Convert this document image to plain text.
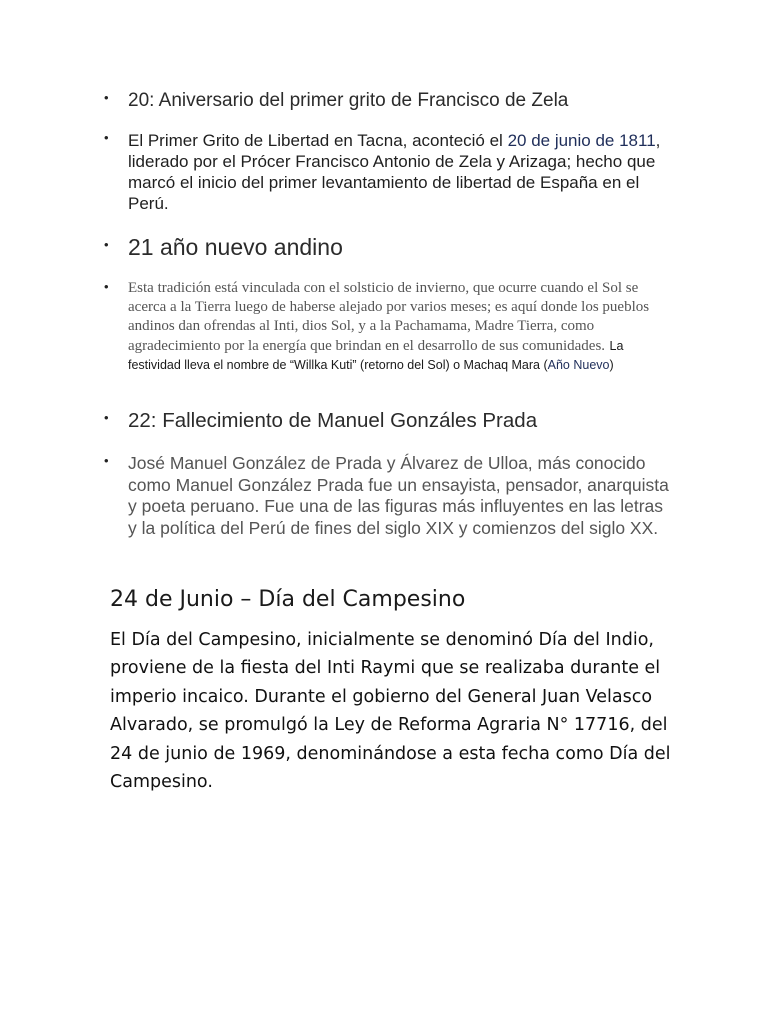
•	20: Aniversario del primer grito de Francisco de Zela
•	El Primer Grito de Libertad en Tacna, aconteció el 20 de junio de 1811, liderado por el Prócer Francisco Antonio de Zela y Arizaga; hecho que marcó el inicio del primer levantamiento de libertad de España en el Perú.
• 21 año nuevo andino
•	Esta tradición está vinculada con el solsticio de invierno, que ocurre cuando el Sol se acerca a la Tierra luego de haberse alejado por varios meses; es aquí donde los pueblos andinos dan ofrendas al Inti, dios Sol, y a la Pachamama, Madre Tierra, como agradecimiento por la energía que brindan en el desarrollo de sus comunidades. La festividad lleva el nombre de “Willka Kuti” (retorno del Sol) o Machaq Mara (Año Nuevo)
• 22: Fallecimiento de Manuel Gonzáles Prada
•	José Manuel González de Prada y Álvarez de Ulloa, más conocido como Manuel González Prada fue un ensayista, pensador, anarquista y poeta peruano. Fue una de las figuras más influyentes en las letras y la política del Perú de fines del siglo XIX y comienzos del siglo XX.
24 de Junio – Día del Campesino
El Día del Campesino, inicialmente se denominó Día del Indio, proviene de la fiesta del Inti Raymi que se realizaba durante el imperio incaico. Durante el gobierno del General Juan Velasco Alvarado, se promulgó la Ley de Reforma Agraria N° 17716, del 24 de junio de 1969, denominándose a esta fecha como Día del Campesino.
